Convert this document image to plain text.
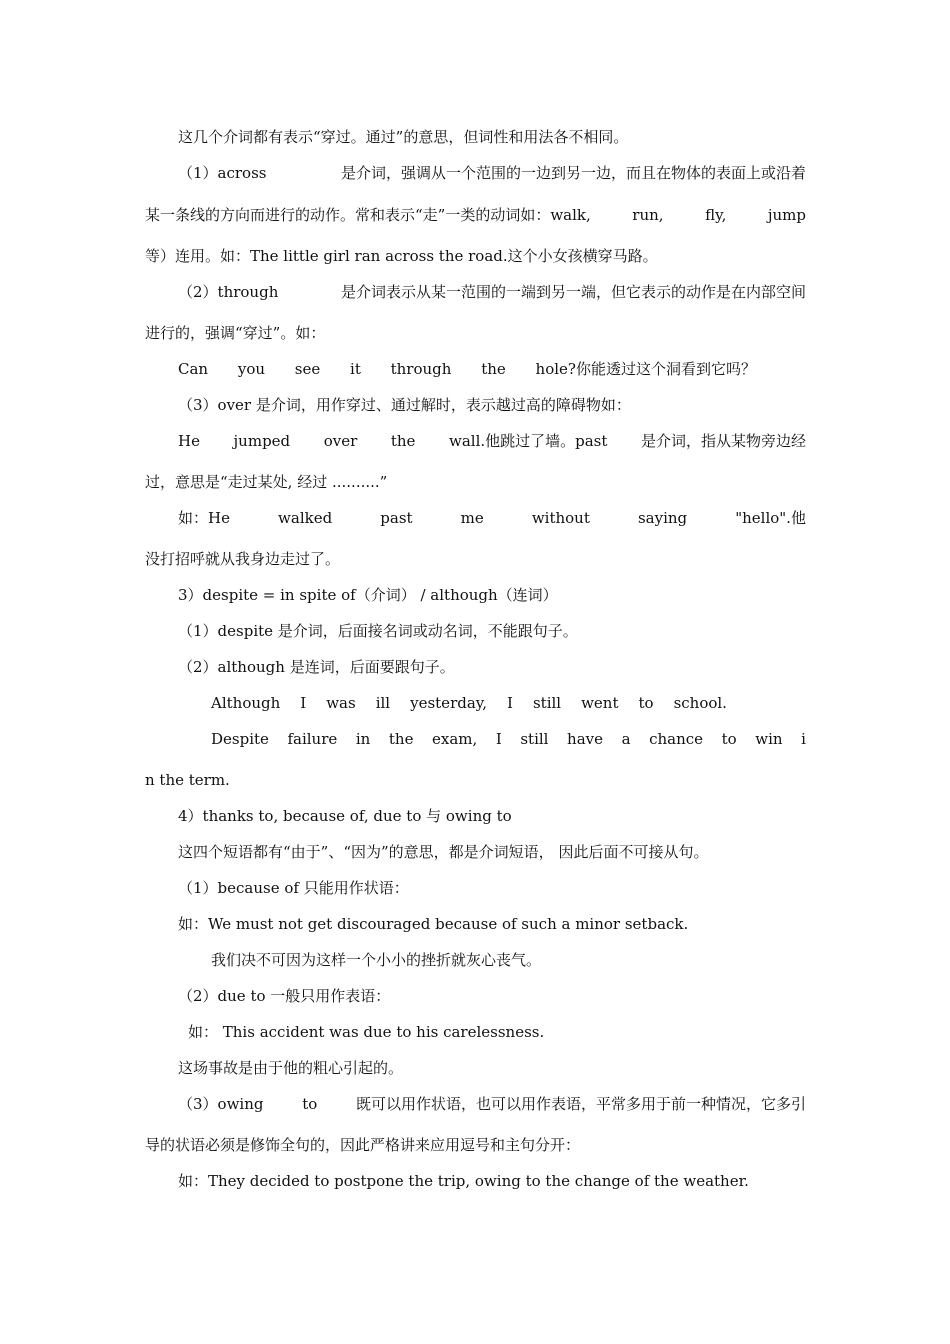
这几个介词都有表示“穿过。通过”的意思，但词性和用法各不相同。
（1）across	是介词，强调从一个范围的一边到另一边，而且在物体的表面上或沿着
某一条线的方向而进行的动作。常和表示“走”一类的动词如：walk,	run,	fly,	jump
等）连用。如：The little girl ran across the road.这个小女孩横穿马路。
（2）through	是介词表示从某一范围的一端到另一端，但它表示的动作是在内部空间
进行的，强调“穿过”。如：
Can you see it through the hole?你能透过这个洞看到它吗？
（3）over 是介词，用作穿过、通过解时，表示越过高的障碍物如：
He jumped over the wall.他跳过了墙。past 是介词，指从某物旁边经
过，意思是“走过某处, 经过 ..........”
如：He	walked	past	me	without	saying	"hello".他
没打招呼就从我身边走过了。
3）despite = in spite of（介词） / although（连词）
（1）despite 是介词，后面接名词或动名词，不能跟句子。
（2）although 是连词，后面要跟句子。
Although I was ill yesterday, I still went to school.
Despite failure in the exam, I still have a chance to win i
n the term.
4）thanks to, because of, due to 与 owing to
这四个短语都有“由于”、“因为”的意思，都是介词短语， 因此后面不可接从句。
（1）because of 只能用作状语：
如：We must not get discouraged because of such a minor setback.
我们决不可因为这样一个小小的挫折就灰心丧气。
（2）due to 一般只用作表语：
如： This accident was due to his carelessness.
这场事故是由于他的粗心引起的。
（3）owing	to	既可以用作状语，也可以用作表语，平常多用于前一种情况，它多引
导的状语必须是修饰全句的，因此严格讲来应用逗号和主句分开：
如：They decided to postpone the trip, owing to the change of the weather.
